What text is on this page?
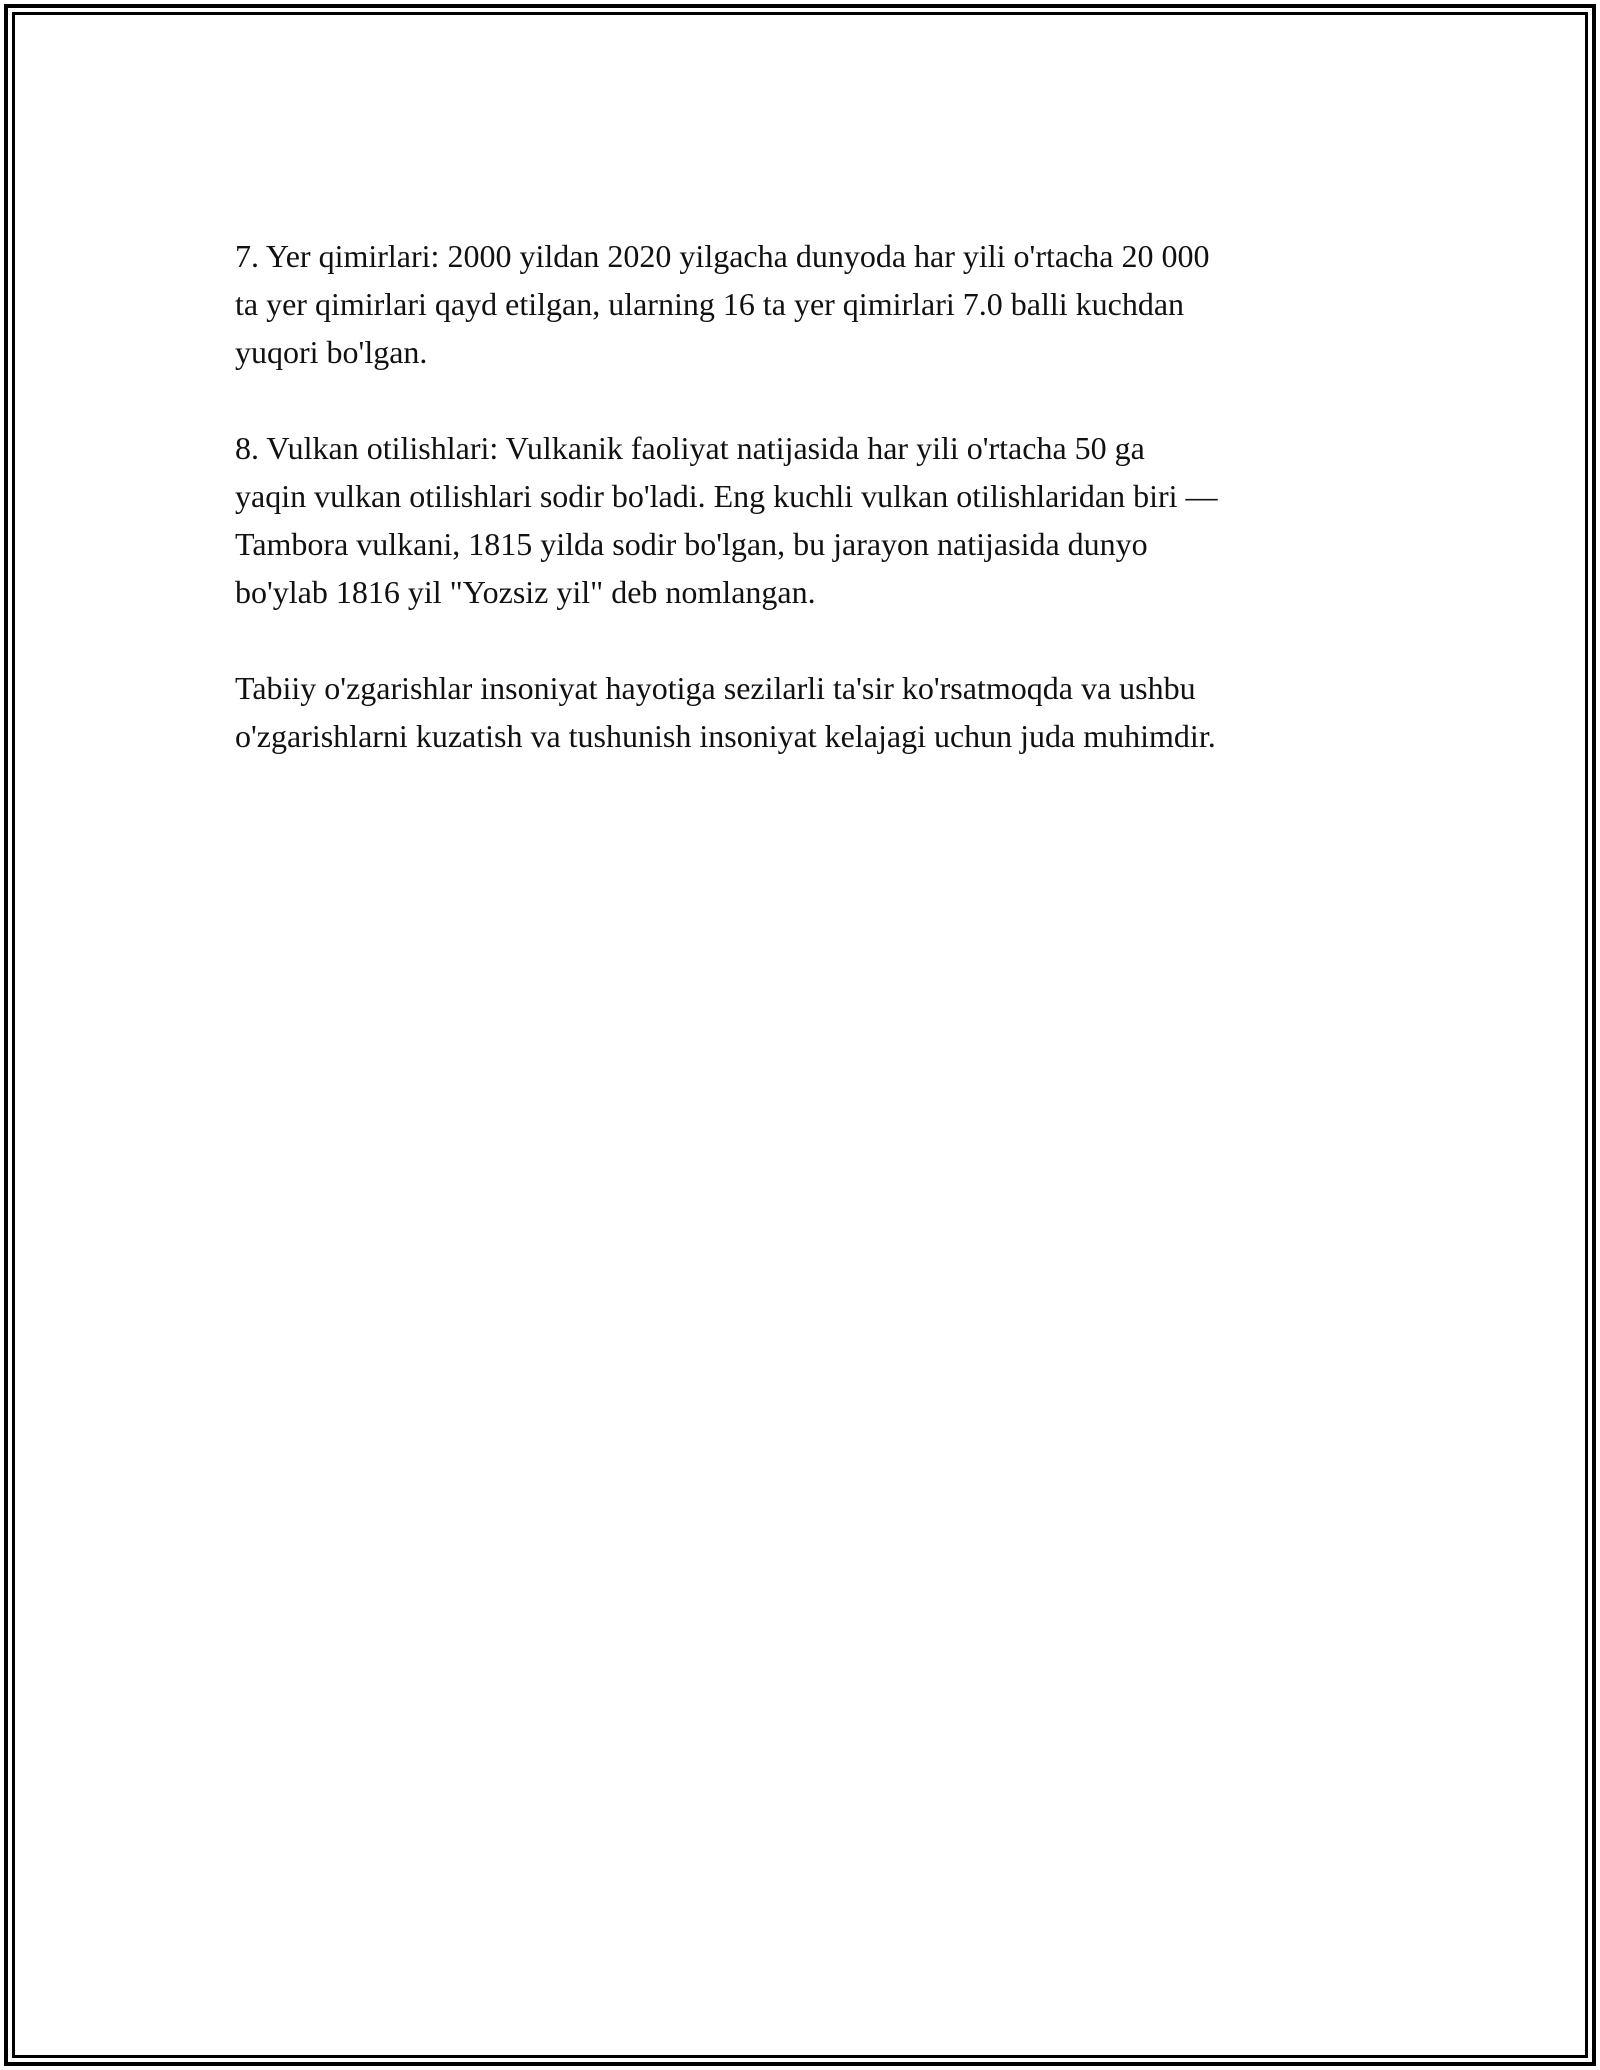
7. Yer qimirlari: 2000 yildan 2020 yilgacha dunyoda har yili o'rtacha 20 000
ta yer qimirlari qayd etilgan, ularning 16 ta yer qimirlari 7.0 balli kuchdan
yuqori bo'lgan.

8. Vulkan otilishlari: Vulkanik faoliyat natijasida har yili o'rtacha 50 ga
yaqin vulkan otilishlari sodir bo'ladi. Eng kuchli vulkan otilishlaridan biri —
Tambora vulkani, 1815 yilda sodir bo'lgan, bu jarayon natijasida dunyo
bo'ylab 1816 yil "Yozsiz yil" deb nomlangan.

Tabiiy o'zgarishlar insoniyat hayotiga sezilarli ta'sir ko'rsatmoqda va ushbu
o'zgarishlarni kuzatish va tushunish insoniyat kelajagi uchun juda muhimdir.
